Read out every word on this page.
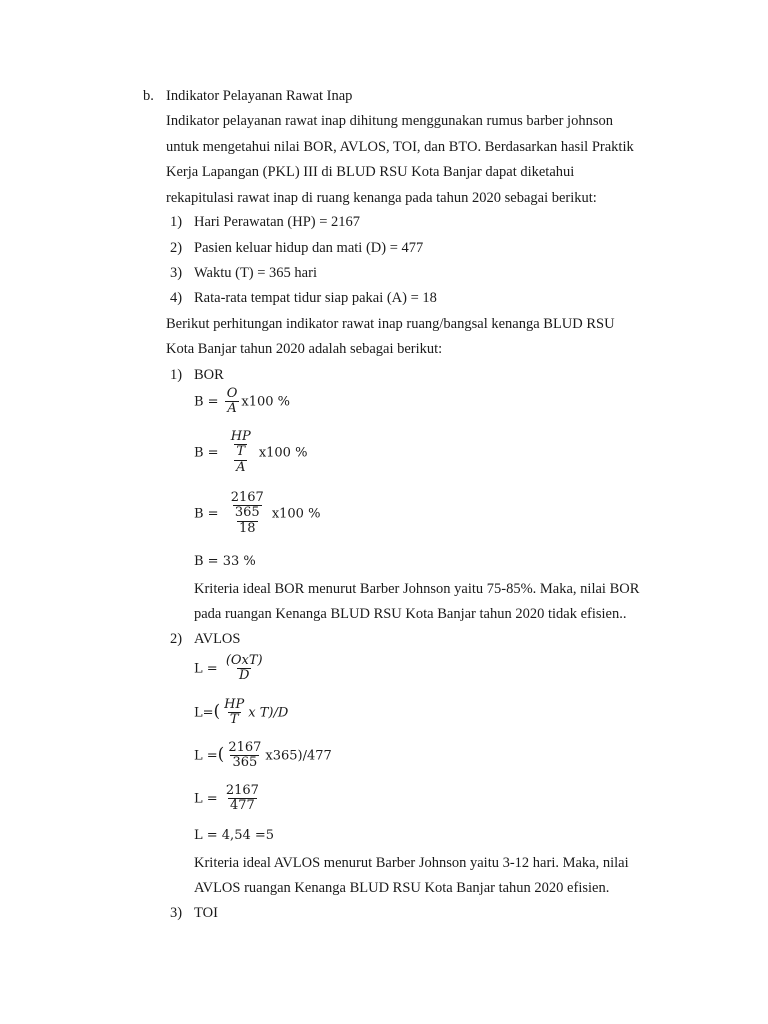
b. Indikator Pelayanan Rawat Inap
Indikator pelayanan rawat inap dihitung menggunakan rumus barber johnson
untuk mengetahui nilai BOR, AVLOS, TOI, dan BTO. Berdasarkan hasil Praktik
Kerja Lapangan (PKL) III di BLUD RSU Kota Banjar dapat diketahui
rekapitulasi rawat inap di ruang kenanga pada tahun 2020 sebagai berikut:
1) Hari Perawatan (HP) = 2167
2) Pasien keluar hidup dan mati (D) = 477
3) Waktu (T) = 365 hari
4) Rata-rata tempat tidur siap pakai (A) = 18
Berikut perhitungan indikator rawat inap ruang/bangsal kenanga BLUD RSU
Kota Banjar tahun 2020 adalah sebagai berikut:
1) BOR
$B = \frac{O}{A} x100$ %
$B = \frac{\frac{HP}{T}}{A} x100$ %
$B = \frac{\frac{2167}{365}}{18} x100$ %
B = 33 %
Kriteria ideal BOR menurut Barber Johnson yaitu 75-85%. Maka, nilai BOR
pada ruangan Kenanga BLUD RSU Kota Banjar tahun 2020 tidak efisien..
2) AVLOS
$L = \frac{\text{(OxT)}}{D}$
$L=( \frac{HP}{T}$ x T)/D
L =( $\frac{2167}{365} x365)/477$
$L = \frac{2167}{477}$
L = 4,54 =5
Kriteria ideal AVLOS menurut Barber Johnson yaitu 3-12 hari. Maka, nilai
AVLOS ruangan Kenanga BLUD RSU Kota Banjar tahun 2020 efisien.
3) TOI
